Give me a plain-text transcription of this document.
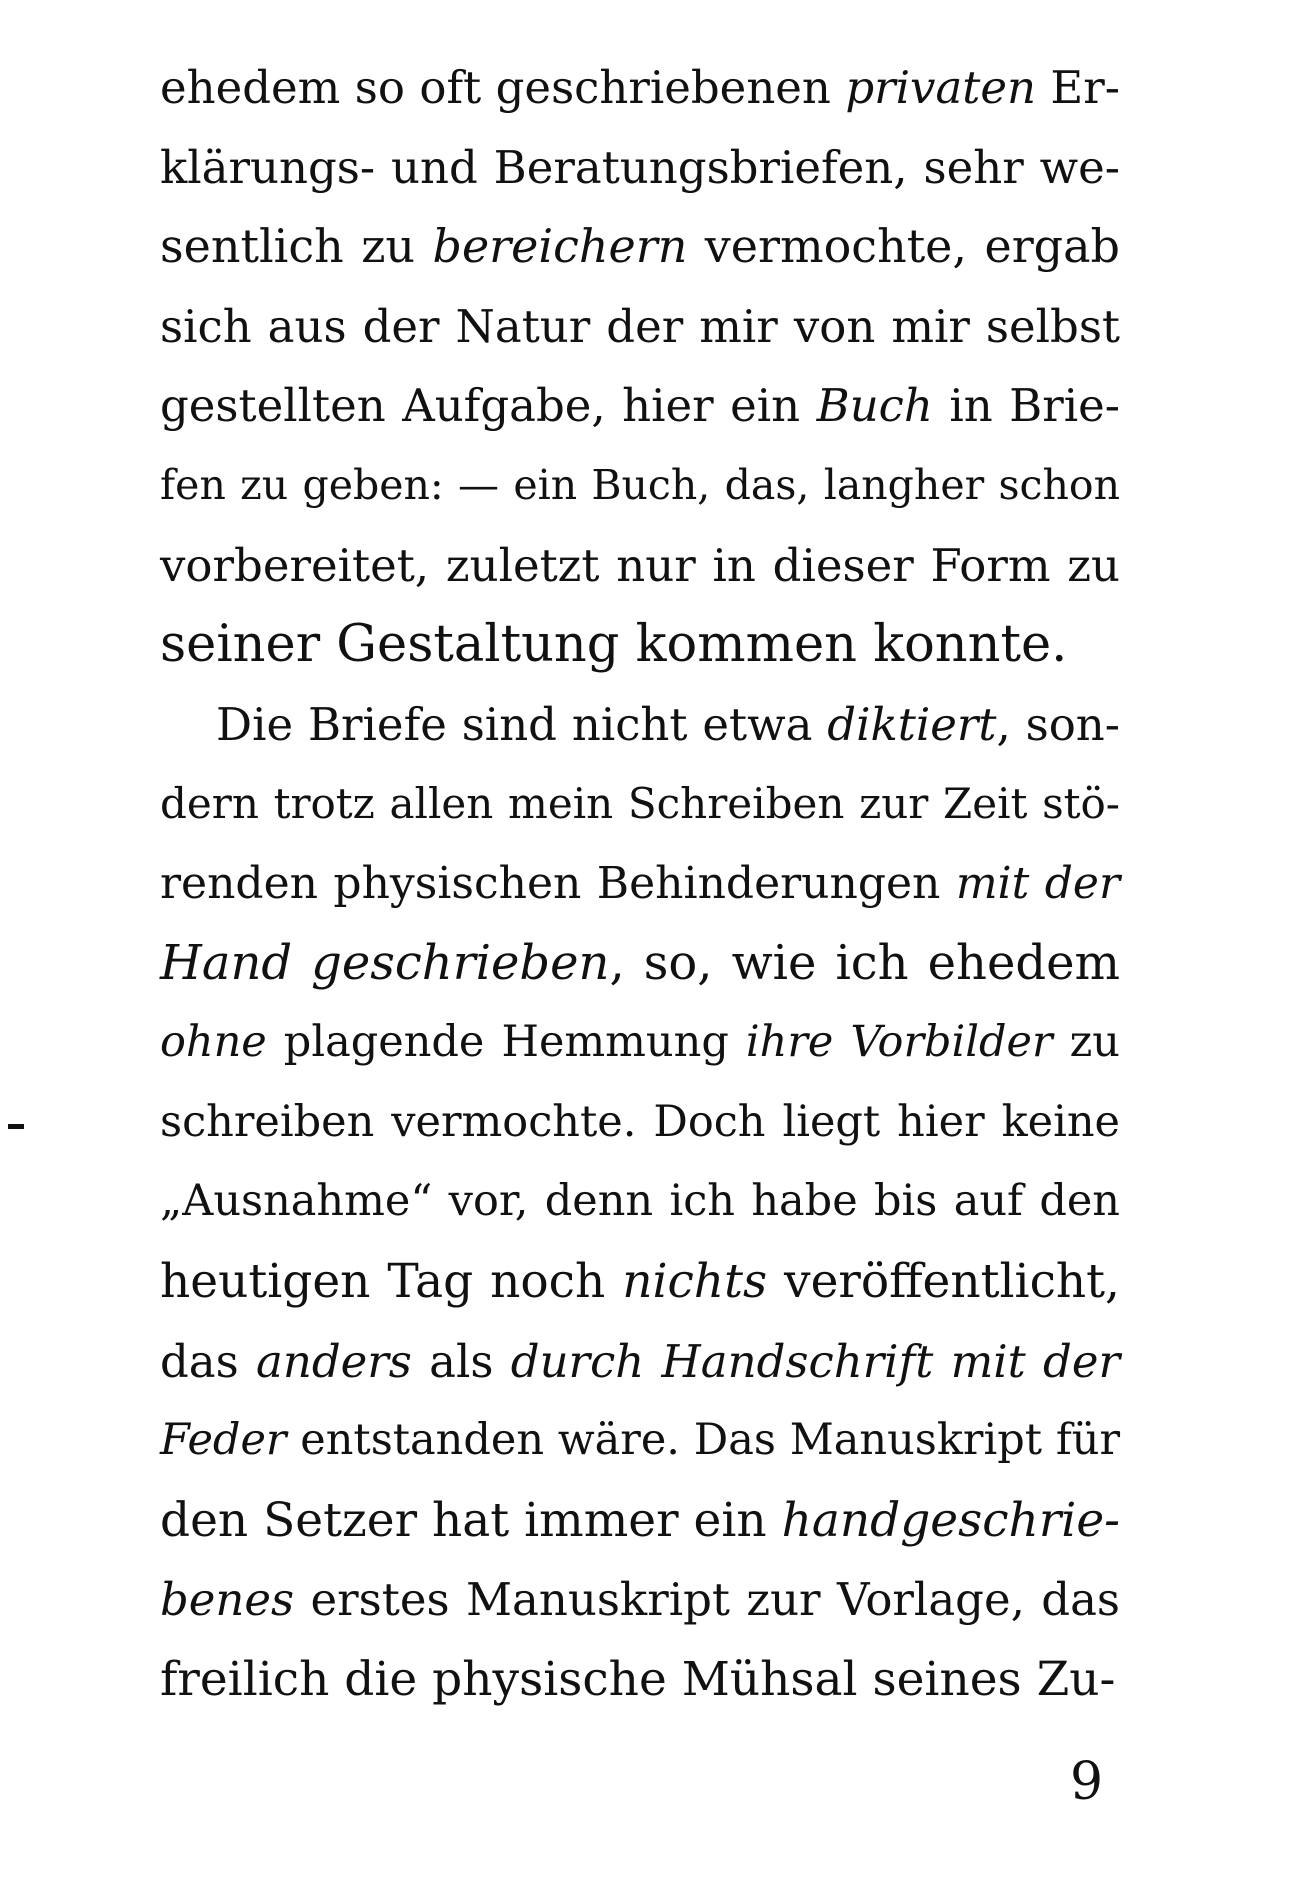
ehedem so oft geschriebenen privaten Er-
klärungs- und Beratungsbriefen, sehr we-
sentlich zu bereichern vermochte, ergab
sich aus der Natur der mir von mir selbst
gestellten Aufgabe, hier ein Buch in Brie-
fen zu geben: — ein Buch, das, langher schon
vorbereitet, zuletzt nur in dieser Form zu
seiner Gestaltung kommen konnte.
Die Briefe sind nicht etwa diktiert, son-
dern trotz allen mein Schreiben zur Zeit stö-
renden physischen Behinderungen mit der
Hand geschrieben, so, wie ich ehedem
ohne plagende Hemmung ihre Vorbilder zu
schreiben vermochte. Doch liegt hier keine
„Ausnahme“ vor, denn ich habe bis auf den
heutigen Tag noch nichts veröffentlicht,
das anders als durch Handschrift mit der
Feder entstanden wäre. Das Manuskript für
den Setzer hat immer ein handgeschrie-
benes erstes Manuskript zur Vorlage, das
freilich die physische Mühsal seines Zu-
9
